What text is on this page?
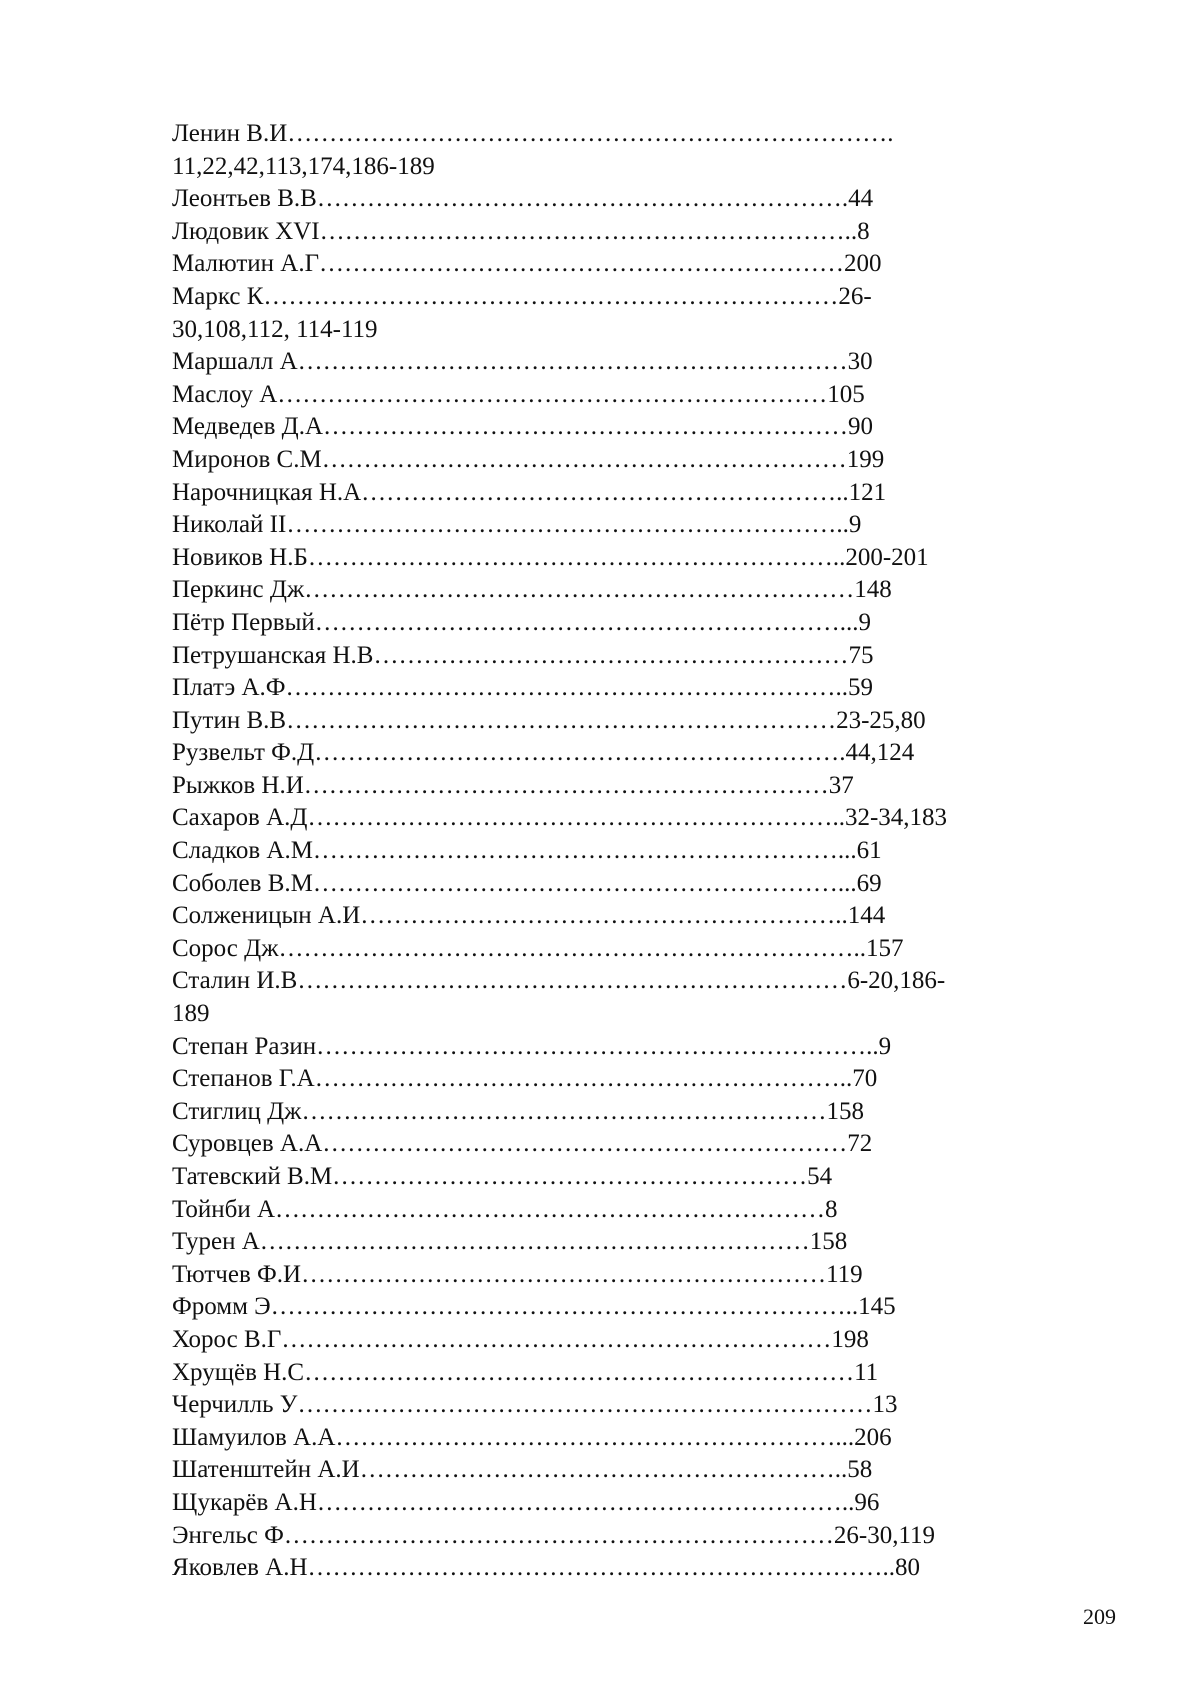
Ленин В.И……………………………………………………………….
11,22,42,113,174,186-189
Леонтьев В.В……………………………………………………….44
Людовик XVI………………………………………………………..8
Малютин А.Г………………………………………………………200
Маркс К……………………………………………………………26-
30,108,112, 114-119
Маршалл А…………………………………………………………30
Маслоу А…………………………………………………………105
Медведев Д.А………………………………………………………90
Миронов С.М………………………………………………………199
Нарочницкая Н.А…………………………………………………..121
Николай II…………………………………………………………..9
Новиков Н.Б………………………………………………………..200-201
Перкинс Дж…………………………………………………………148
Пётр Первый………………………………………………………...9
Петрушанская Н.В…………………………………………………75
Платэ А.Ф…………………………………………………………..59
Путин В.В…………………………………………………………23-25,80
Рузвельт Ф.Д……………………………………………………….44,124
Рыжков Н.И………………………………………………………37
Сахаров А.Д………………………………………………………..32-34,183
Сладков А.М………………………………………………………...61
Соболев В.М………………………………………………………...69
Солженицын А.И…………………………………………………..144
Сорос Дж……………………………………………………………..157
Сталин И.В…………………………………………………………6-20,186-
189
Степан Разин…………………………………………………………..9
Степанов Г.А………………………………………………………..70
Стиглиц Дж………………………………………………………158
Суровцев А.А………………………………………………………72
Татевский В.М…………………………………………………54
Тойнби А…………………………………………………………8
Турен А…………………………………………………………158
Тютчев Ф.И………………………………………………………119
Фромм Э……………………………………………………………..145
Хорос В.Г…………………………………………………………198
Хрущёв Н.С…………………………………………………………11
Черчилль У……………………………………………………………13
Шамуилов А.А……………………………………………………...206
Шатенштейн А.И…………………………………………………..58
Щукарёв А.Н………………………………………………………..96
Энгельс Ф…………………………………………………………26-30,119
Яковлев А.Н……………………………………………………………..80
209
